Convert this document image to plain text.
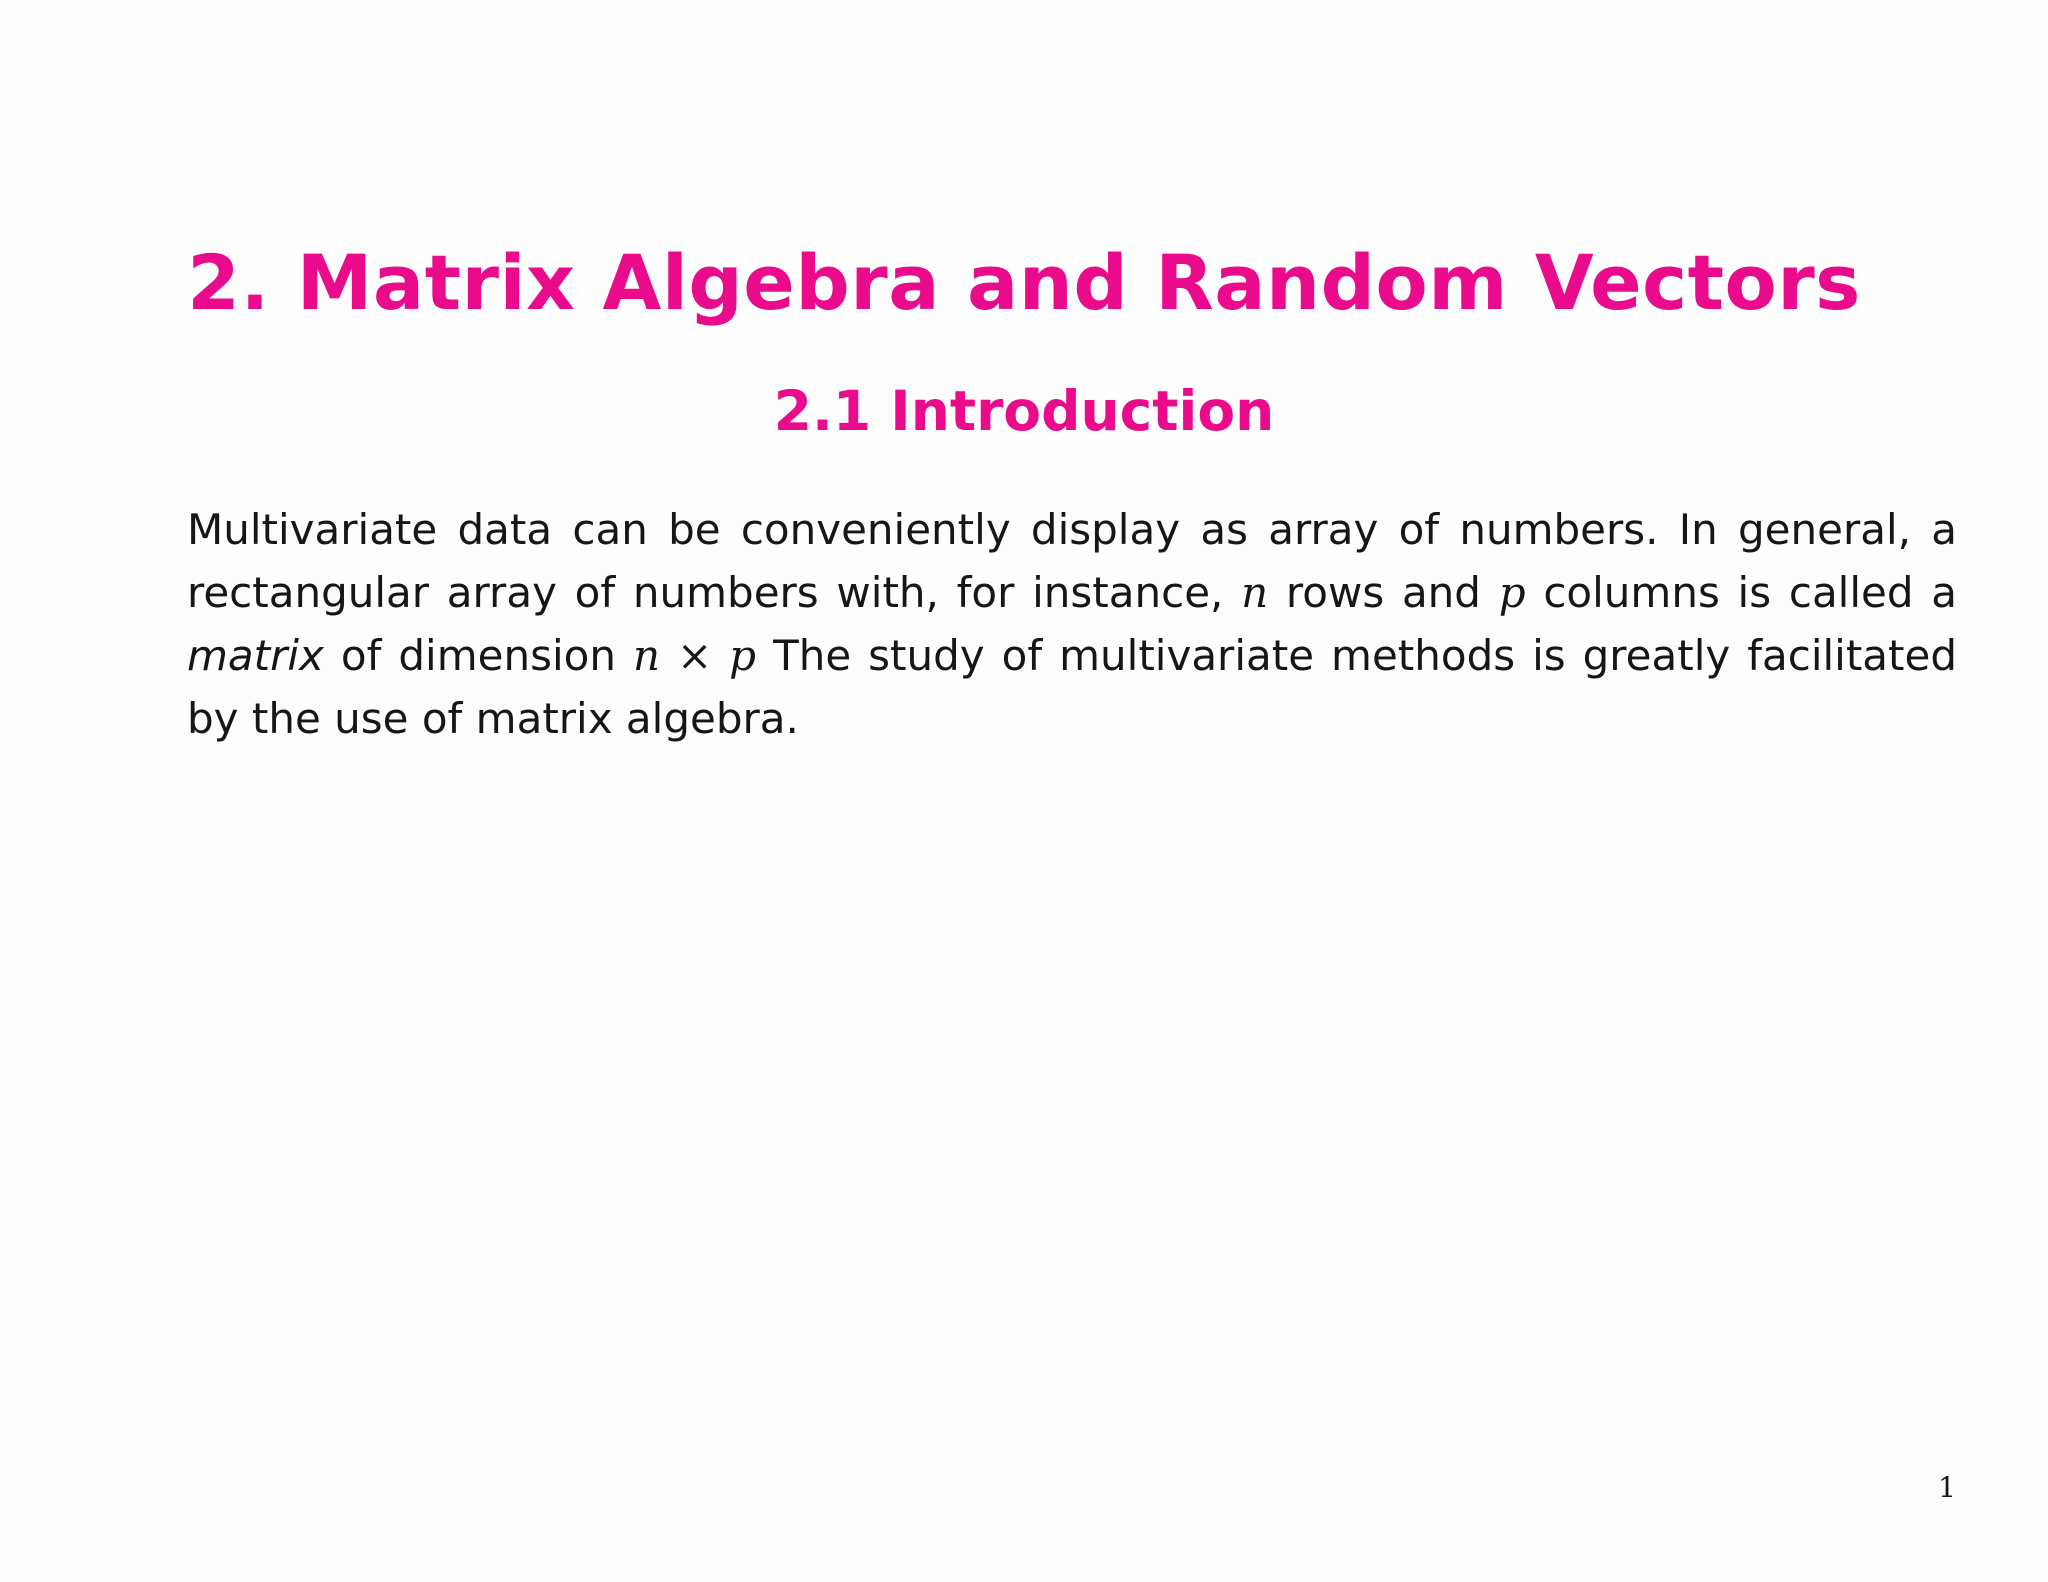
2. Matrix Algebra and Random Vectors
2.1 Introduction

Multivariate data can be conveniently display as array of numbers. In general, a rectangular array of numbers with, for instance, n rows and p columns is called a matrix of dimension n × p The study of multivariate methods is greatly facilitated by the use of matrix algebra.

1
